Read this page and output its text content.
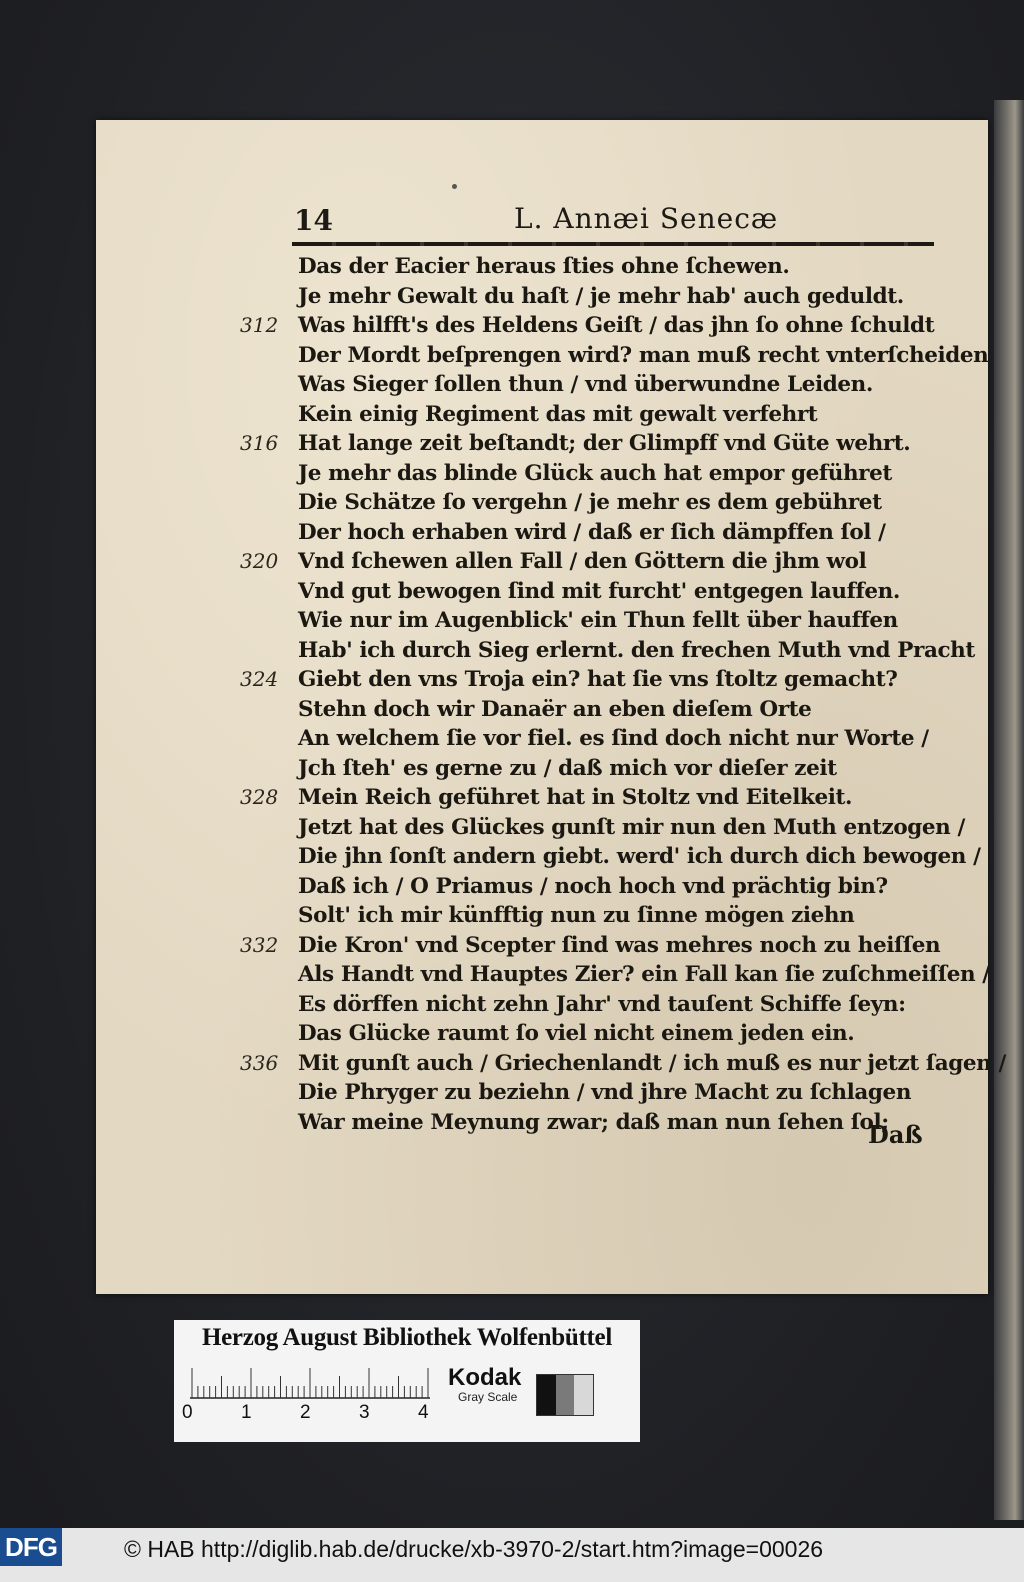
14	L. Annæi Senecæ
Das der Eacier heraus ſties ohne ſchewen.
Je mehr Gewalt du haſt / je mehr hab' auch geduldt.
312 Was hilfft's des Heldens Geiſt / das jhn ſo ohne ſchuldt
Der Mordt beſprengen wird? man muß recht vnterſcheiden
Was Sieger ſollen thun / vnd überwundne Leiden.
Kein einig Regiment das mit gewalt verfehrt
316 Hat lange zeit beſtandt; der Glimpff vnd Güte wehrt.
Je mehr das blinde Glück auch hat empor geführet
Die Schätze ſo vergehn / je mehr es dem gebühret
Der hoch erhaben wird / daß er ſich dämpffen ſol /
320 Vnd ſchewen allen Fall / den Göttern die jhm wol
Vnd gut bewogen ſind mit furcht' entgegen lauffen.
Wie nur im Augenblick' ein Thun fellt über hauffen
Hab' ich durch Sieg erlernt. den frechen Muth vnd Pracht
324 Giebt den vns Troja ein? hat ſie vns ſtoltz gemacht?
Stehn doch wir Danaër an eben dieſem Orte
An welchem ſie vor fiel. es ſind doch nicht nur Worte /
Jch ſteh' es gerne zu / daß mich vor dieſer zeit
328 Mein Reich geführet hat in Stoltz vnd Eitelkeit.
Jetzt hat des Glückes gunſt mir nun den Muth entzogen /
Die jhn ſonſt andern giebt. werd' ich durch dich bewogen /
Daß ich / O Priamus / noch hoch vnd prächtig bin?
Solt' ich mir künfftig nun zu ſinne mögen ziehn
332 Die Kron' vnd Scepter ſind was mehres noch zu heiſſen
Als Handt vnd Hauptes Zier? ein Fall kan ſie zuſchmeiſſen /
Es dörffen nicht zehn Jahr' vnd tauſent Schiffe ſeyn:
Das Glücke raumt ſo viel nicht einem jeden ein.
336 Mit gunſt auch / Griechenlandt / ich muß es nur jetzt ſagen /
Die Phryger zu beziehn / vnd jhre Macht zu ſchlagen
War meine Meynung zwar; daß man nun ſehen ſol;
Daß
Herzog August Bibliothek Wolfenbüttel
0	1	2	3	4
Kodak
Gray Scale
DFG	© HAB http://diglib.hab.de/drucke/xb-3970-2/start.htm?image=00026
